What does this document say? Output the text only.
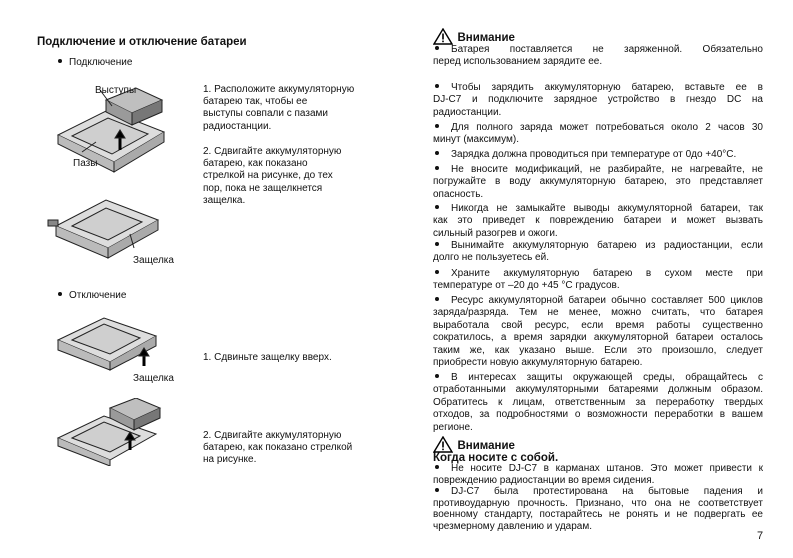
Подключение и отключение батареи
Подключение
Отключение
Выступы
Пазы
Защелка
Защелка
1. Расположите аккумуляторную
батарею так, чтобы ее
выступы совпали с пазами
радиостанции.
2. Сдвигайте аккумуляторную
батарею, как показано
стрелкой на рисунке, до тех
пор, пока не защелкнется
защелка.
1. Сдвиньте защелку вверх.
2. Сдвигайте аккумуляторную
батарею, как показано стрелкой
на рисунке.
Внимание
Батарея поставляется не заряженной. Обязательно
перед использованием зарядите ее.
Чтобы зарядить аккумуляторную батарею, вставьте ее в
DJ-C7 и подключите зарядное устройство в гнездо DC на
радиостанции.
Для полного заряда может потребоваться около 2 часов 30
минут (максимум).
Зарядка должна проводиться при температуре от 0до +40°С.
Не вносите модификаций, не разбирайте, не нагревайте, не
погружайте в воду аккумуляторную батарею, это представляет
опасность.
Никогда не замыкайте выводы аккумуляторной батареи, так
как это приведет к повреждению батареи и может вызвать
сильный разогрев и ожоги.
Вынимайте аккумуляторную батарею из радиостанции, если
долго не пользуетесь ей.
Храните аккумуляторную батарею в сухом месте при
температуре от –20 до +45 °С градусов.
Ресурс аккумуляторной батареи обычно составляет 500 циклов
заряда/разряда. Тем не менее, можно считать, что батарея
выработала свой ресурс, если время работы существенно
сократилось, а время зарядки аккумуляторной батареи осталось
таким же, как указано выше. Если это произошло, следует
приобрести новую аккумуляторную батарею.
В интересах защиты окружающей среды, обращайтесь с
отработанными аккумуляторными батареями должным образом.
Обратитесь к лицам, ответственным за переработку твердых
отходов, за подробностями о возможности переработки в вашем
регионе.
Внимание
Когда носите с собой.
Не носите DJ-C7 в карманах штанов. Это может привести к
повреждению радиостанции во время сидения.
DJ-C7 была протестирована на бытовые падения и
противоударную прочность. Признано, что она не соответствует
военному стандарту, постарайтесь не ронять и не подвергать ее
чрезмерному давлению и ударам.
7
